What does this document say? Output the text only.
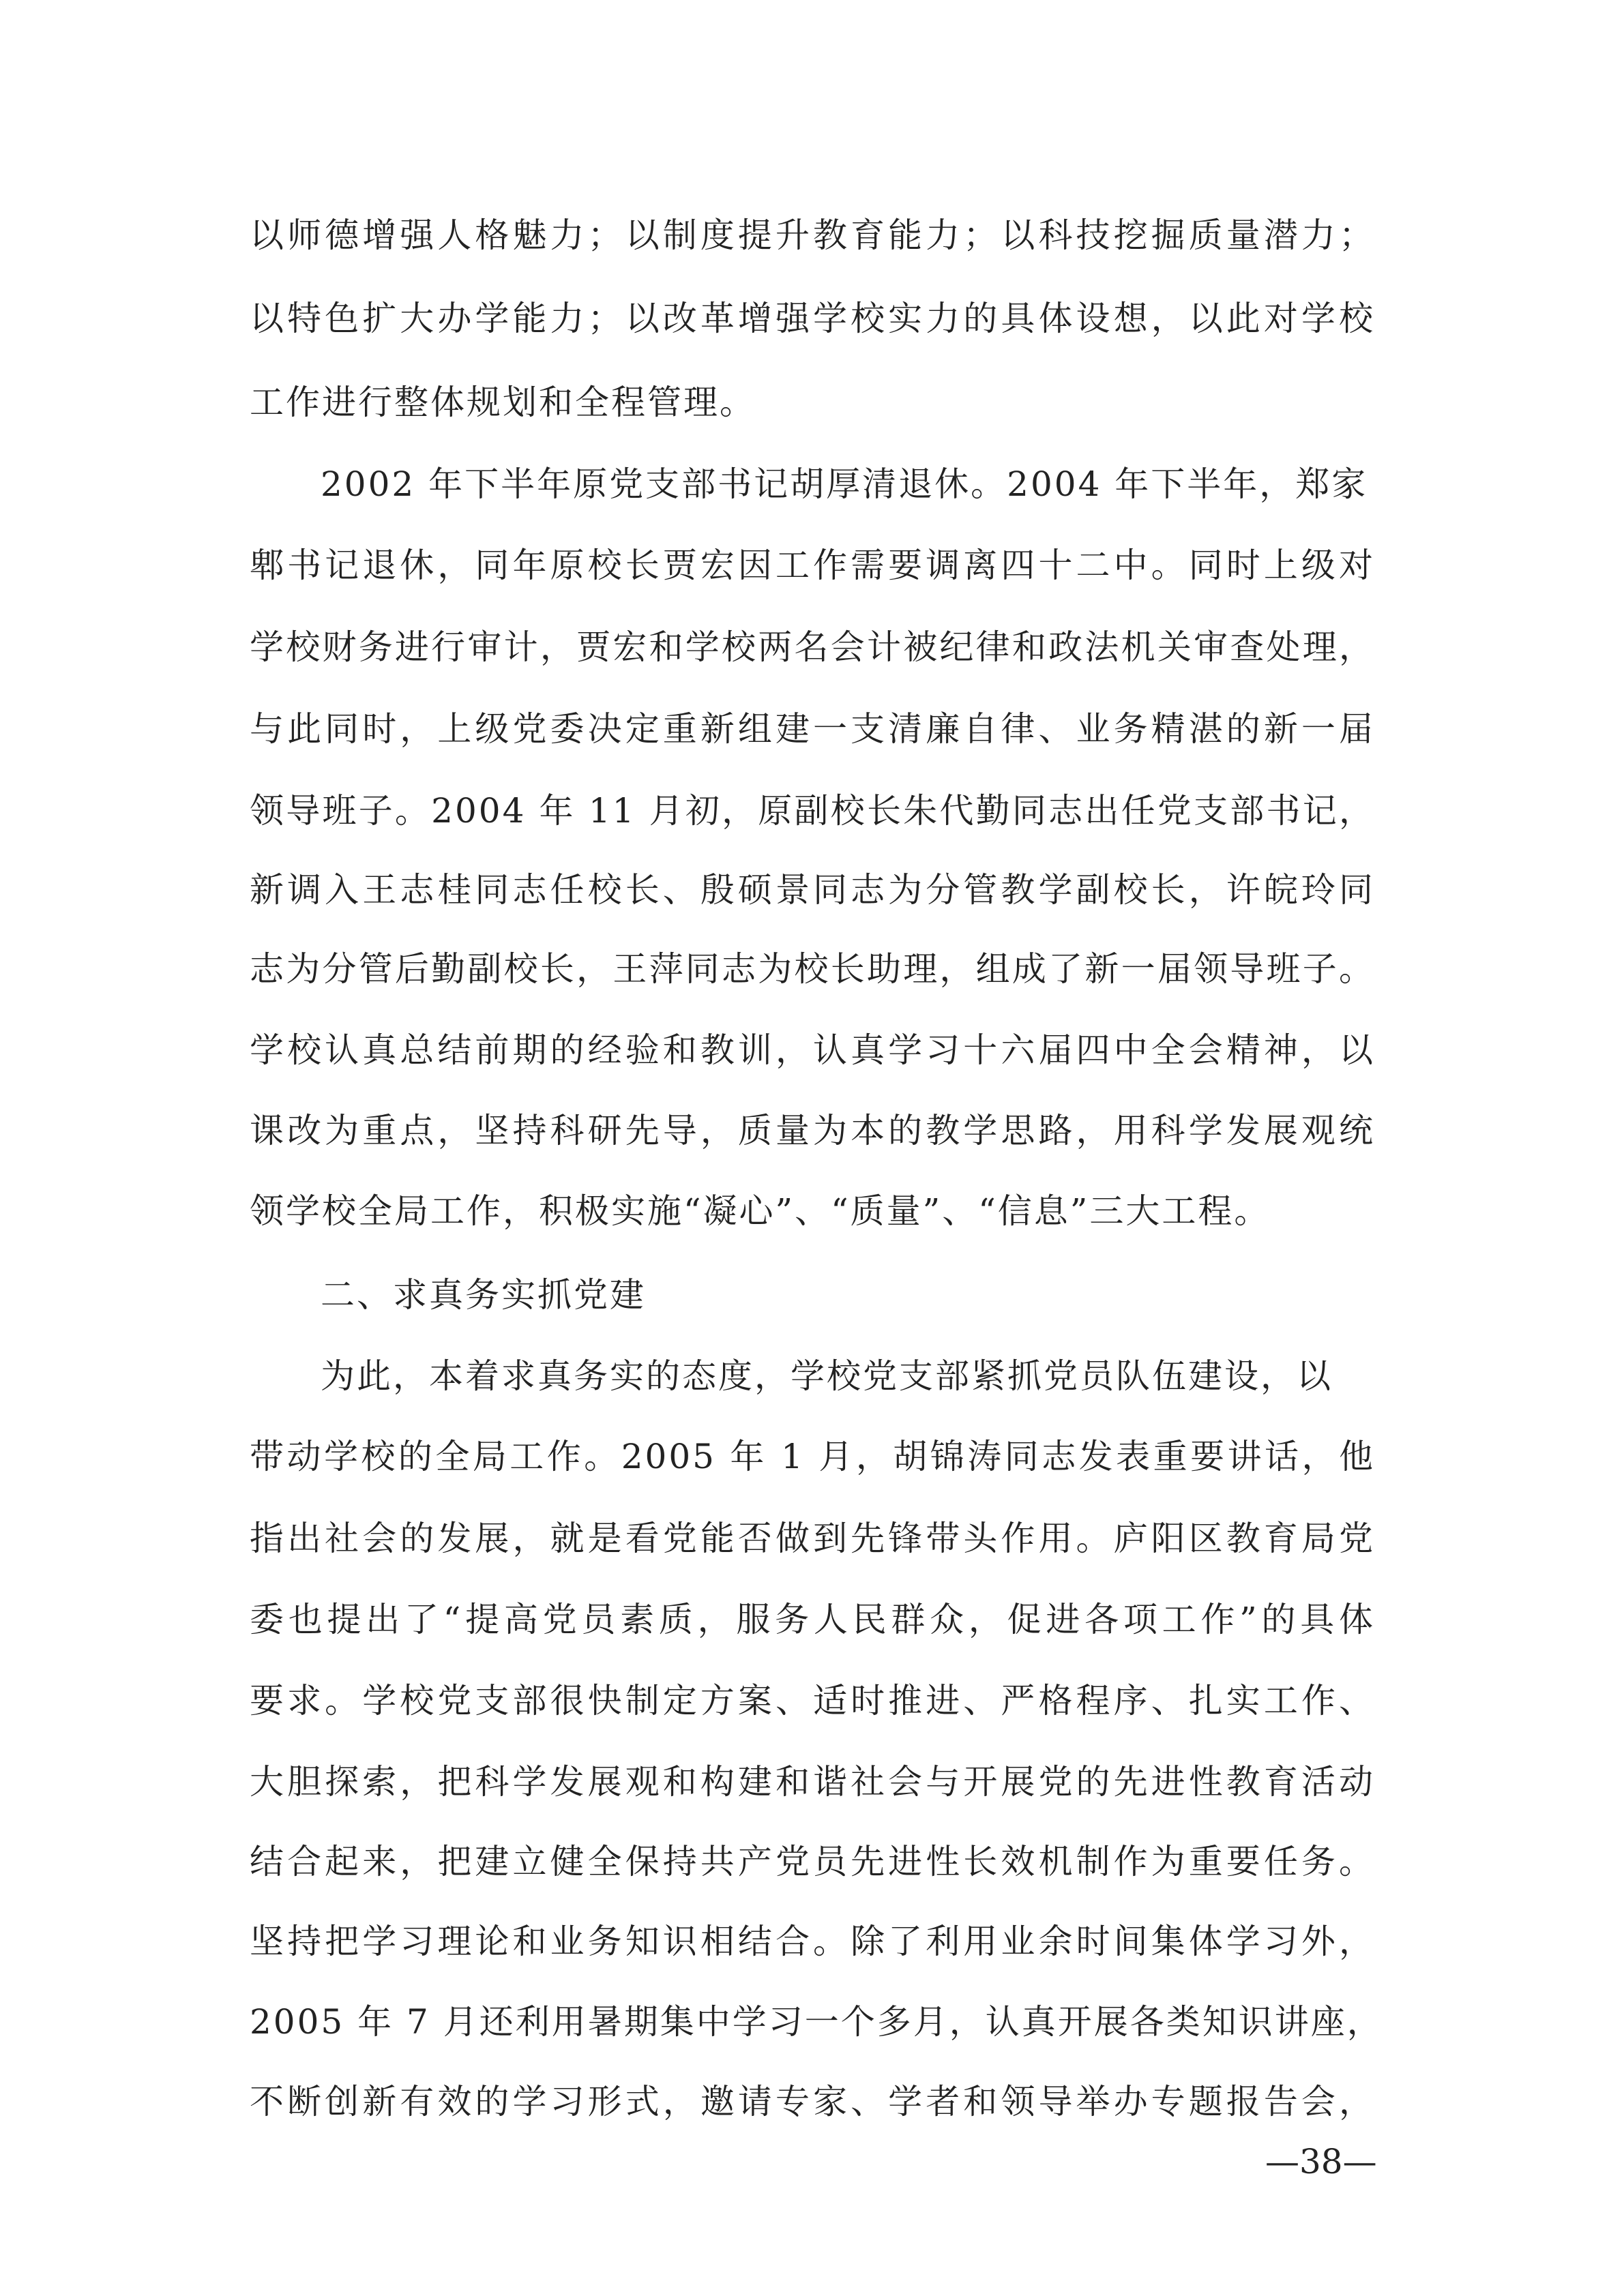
以师德增强人格魅力；以制度提升教育能力；以科技挖掘质量潜力；
以特色扩大办学能力；以改革增强学校实力的具体设想，以此对学校
工作进行整体规划和全程管理。
2002 年下半年原党支部书记胡厚清退休。2004 年下半年，郑家
郫书记退休，同年原校长贾宏因工作需要调离四十二中。同时上级对
学校财务进行审计，贾宏和学校两名会计被纪律和政法机关审查处理，
与此同时，上级党委决定重新组建一支清廉自律、业务精湛的新一届
领导班子。2004 年 11 月初，原副校长朱代勤同志出任党支部书记，
新调入王志桂同志任校长、殷硕景同志为分管教学副校长，许皖玲同
志为分管后勤副校长，王萍同志为校长助理，组成了新一届领导班子。
学校认真总结前期的经验和教训，认真学习十六届四中全会精神，以
课改为重点，坚持科研先导，质量为本的教学思路，用科学发展观统
领学校全局工作，积极实施“凝心”、“质量”、“信息”三大工程。
二、求真务实抓党建
为此，本着求真务实的态度，学校党支部紧抓党员队伍建设，以
带动学校的全局工作。2005 年 1 月，胡锦涛同志发表重要讲话，他
指出社会的发展，就是看党能否做到先锋带头作用。庐阳区教育局党
委也提出了“提高党员素质，服务人民群众，促进各项工作”的具体
要求。学校党支部很快制定方案、适时推进、严格程序、扎实工作、
大胆探索，把科学发展观和构建和谐社会与开展党的先进性教育活动
结合起来，把建立健全保持共产党员先进性长效机制作为重要任务。
坚持把学习理论和业务知识相结合。除了利用业余时间集体学习外，
2005 年 7 月还利用暑期集中学习一个多月，认真开展各类知识讲座，
不断创新有效的学习形式，邀请专家、学者和领导举办专题报告会，
—38—
